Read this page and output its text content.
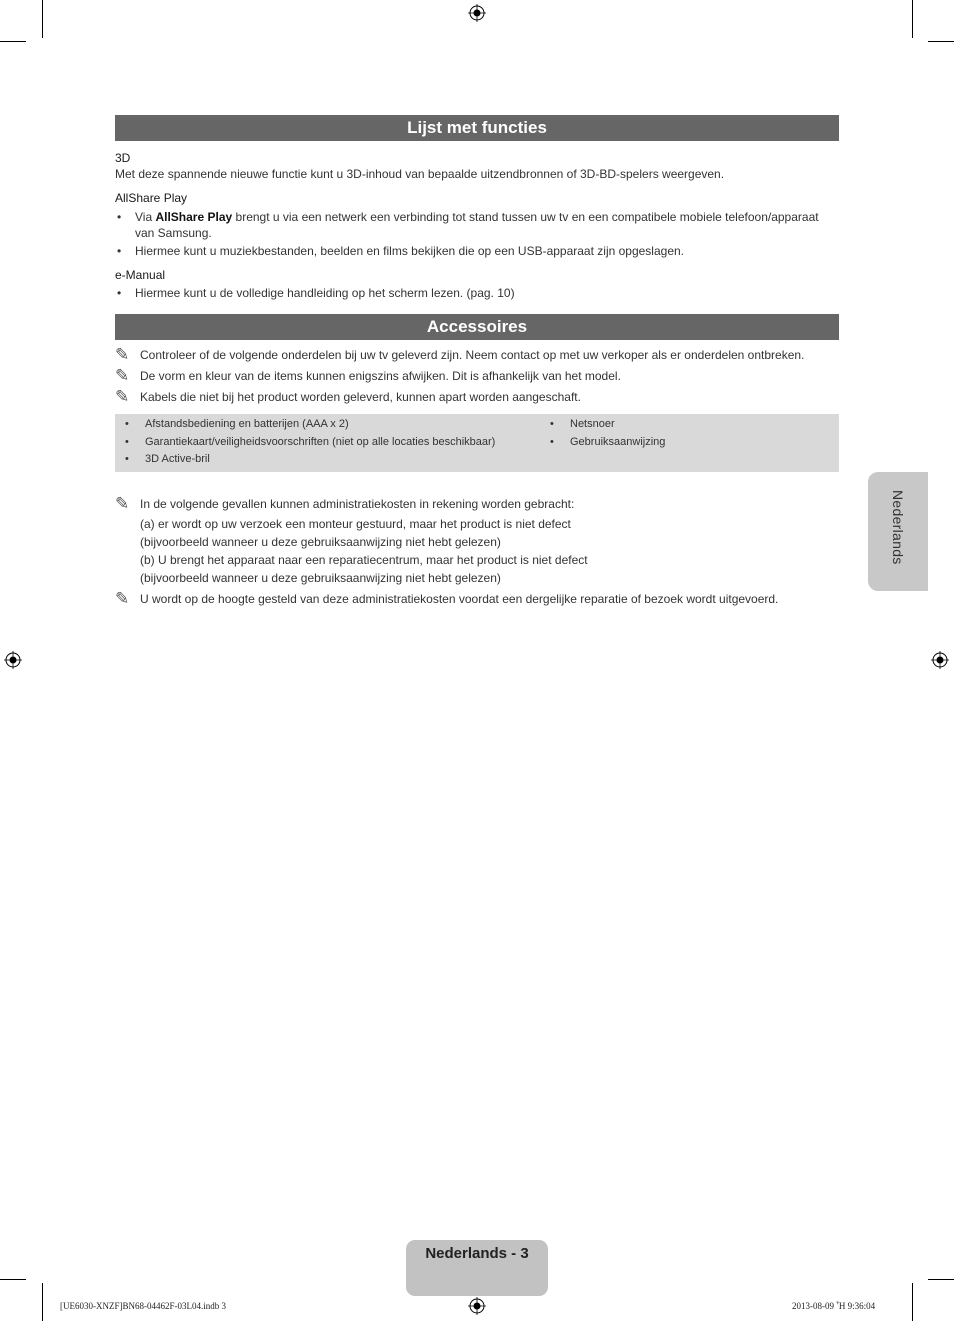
Lijst met functies
3D
Met deze spannende nieuwe functie kunt u 3D-inhoud van bepaalde uitzendbronnen of 3D-BD-spelers weergeven.
AllShare Play
• Via AllShare Play brengt u via een netwerk een verbinding tot stand tussen uw tv en een compatibele mobiele telefoon/apparaat van Samsung.
• Hiermee kunt u muziekbestanden, beelden en films bekijken die op een USB-apparaat zijn opgeslagen.
e-Manual
• Hiermee kunt u de volledige handleiding op het scherm lezen. (pag. 10)
Accessoires
✎ Controleer of de volgende onderdelen bij uw tv geleverd zijn. Neem contact op met uw verkoper als er onderdelen ontbreken.
✎ De vorm en kleur van de items kunnen enigszins afwijken. Dit is afhankelijk van het model.
✎ Kabels die niet bij het product worden geleverd, kunnen apart worden aangeschaft.
• Afstandsbediening en batterijen (AAA x 2)
• Garantiekaart/veiligheidsvoorschriften (niet op alle locaties beschikbaar)
• 3D Active-bril
• Netsnoer
• Gebruiksaanwijzing
✎ In de volgende gevallen kunnen administratiekosten in rekening worden gebracht:
(a) er wordt op uw verzoek een monteur gestuurd, maar het product is niet defect
(bijvoorbeeld wanneer u deze gebruiksaanwijzing niet hebt gelezen)
(b) U brengt het apparaat naar een reparatiecentrum, maar het product is niet defect
(bijvoorbeeld wanneer u deze gebruiksaanwijzing niet hebt gelezen)
✎ U wordt op de hoogte gesteld van deze administratiekosten voordat een dergelijke reparatie of bezoek wordt uitgevoerd.
Nederlands
Nederlands - 3
[UE6030-XNZF]BN68-04462F-03L04.indb 3	2013-08-09 Ἦ 9:36:04
